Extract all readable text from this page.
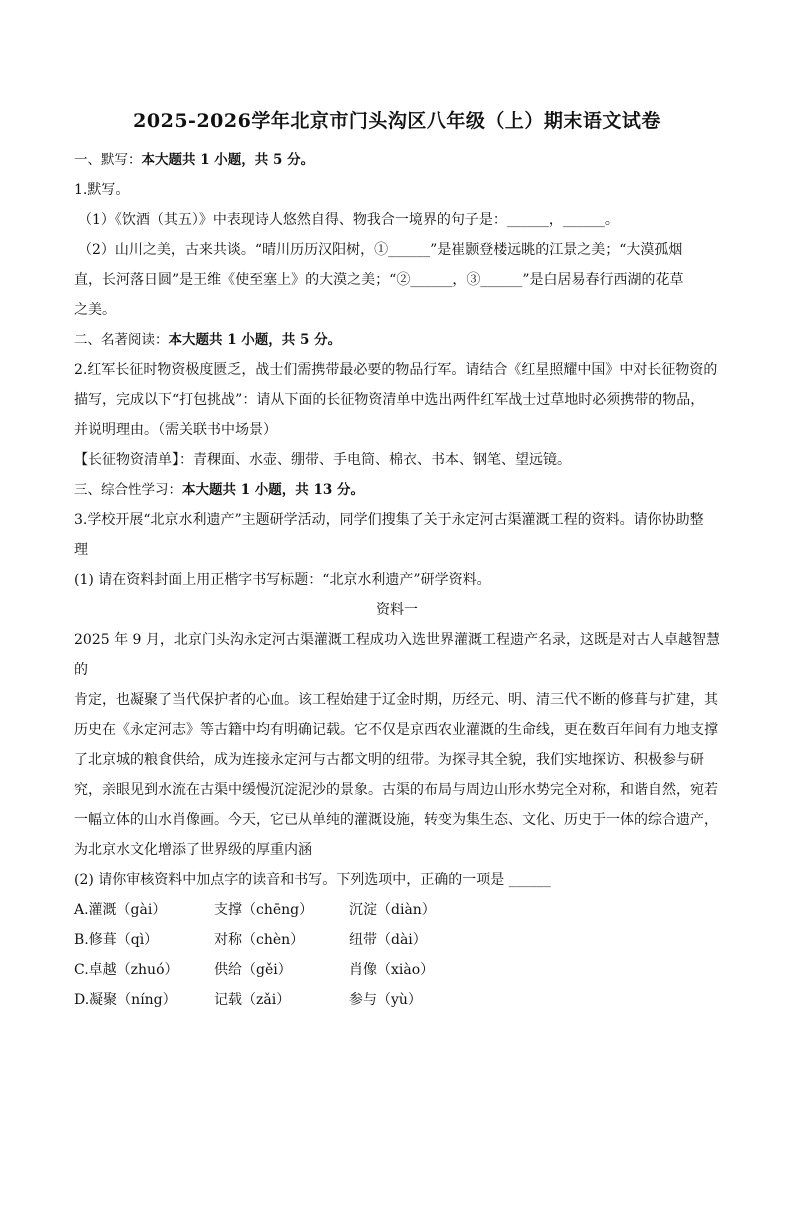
2025-2026学年北京市门头沟区八年级（上）期末语文试卷

一、默写：本大题共 1 小题，共 5 分。

1.默写。

（1）《饮酒（其五）》中表现诗人悠然自得、物我合一境界的句子是：______，______。

（2）山川之美，古来共谈。“晴川历历汉阳树，①______”是崔颢登楼远眺的江景之美；“大漠孤烟

直，长河落日圆”是王维《使至塞上》的大漠之美；“②______，③______”是白居易春行西湖的花草

之美。

二、名著阅读：本大题共 1 小题，共 5 分。

2.红军长征时物资极度匮乏，战士们需携带最必要的物品行军。请结合《红星照耀中国》中对长征物资的

描写，完成以下“打包挑战”：请从下面的长征物资清单中选出两件红军战士过草地时必须携带的物品，

并说明理由。（需关联书中场景）

【长征物资清单】：青稞面、水壶、绷带、手电筒、棉衣、书本、钢笔、望远镜。

三、综合性学习：本大题共 1 小题，共 13 分。

3.学校开展“北京水利遗产”主题研学活动，同学们搜集了关于永定河古渠灌溉工程的资料。请你协助整

理

(1) 请在资料封面上用正楷字书写标题：“北京水利遗产”研学资料。

资料一

2025 年 9 月，北京门头沟永定河古渠灌溉工程成功入选世界灌溉工程遗产名录，这既是对古人卓越智慧的

肯定，也凝聚了当代保护者的心血。该工程始建于辽金时期，历经元、明、清三代不断的修葺与扩建，其

历史在《永定河志》等古籍中均有明确记载。它不仅是京西农业灌溉的生命线，更在数百年间有力地支撑

了北京城的粮食供给，成为连接永定河与古都文明的纽带。为探寻其全貌，我们实地探访、积极参与研

究，亲眼见到水流在古渠中缓慢沉淀泥沙的景象。古渠的布局与周边山形水势完全对称，和谐自然，宛若

一幅立体的山水肖像画。今天，它已从单纯的灌溉设施，转变为集生态、文化、历史于一体的综合遗产，

为北京水文化增添了世界级的厚重内涵

(2) 请你审核资料中加点字的读音和书写。下列选项中，正确的一项是 ______

A.灌溉（gài）	支撑（chēng）	沉淀（diàn）
B.修葺（qì）	对称（chèn）	纽带（dài）
C.卓越（zhuó）	供给（gěi）	肖像（xiào）
D.凝聚（níng）	记载（zǎi）	参与（yù）
